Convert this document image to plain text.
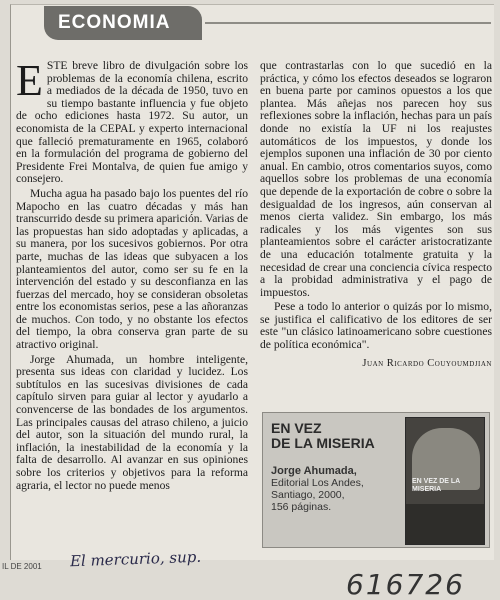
ECONOMIA

ESTE breve libro de divulgación sobre los problemas de la economía chilena, escrito a mediados de la década de 1950, tuvo en su tiempo bastante influencia y fue objeto de ocho ediciones hasta 1972. Su autor, un economista de la CEPAL y experto internacional que falleció prematuramente en 1965, colaboró en la formulación del programa de gobierno del Presidente Frei Montalva, de quien fue amigo y consejero.

Mucha agua ha pasado bajo los puentes del río Mapocho en las cuatro décadas y más han transcurrido desde su primera aparición. Varias de las propuestas han sido adoptadas y aplicadas, a su manera, por los sucesivos gobiernos. Por otra parte, muchas de las ideas que subyacen a los planteamientos del autor, como ser su fe en la intervención del estado y su desconfianza en las fuerzas del mercado, hoy se consideran obsoletas entre los economistas serios, pese a las añoranzas de muchos. Con todo, y no obstante los efectos del tiempo, la obra conserva gran parte de su atractivo original.

Jorge Ahumada, un hombre inteligente, presenta sus ideas con claridad y lucidez. Los subtítulos en las sucesivas divisiones de cada capítulo sirven para guiar al lector y ayudarlo a convencerse de las bondades de los argumentos. Las principales causas del atraso chileno, a juicio del autor, son la situación del mundo rural, la inflación, la inestabilidad de la economía y la falta de desarrollo. Al avanzar en sus opiniones sobre los criterios y objetivos para la reforma agraria, el lector no puede menos

que contrastarlas con lo que sucedió en la práctica, y cómo los efectos deseados se lograron en buena parte por caminos opuestos a los que plantea. Más añejas nos parecen hoy sus reflexiones sobre la inflación, hechas para un país donde no existía la UF ni los reajustes automáticos de los impuestos, y donde los ejemplos suponen una inflación de 30 por ciento anual. En cambio, otros comentarios suyos, como aquellos sobre los problemas de una economía que depende de la exportación de cobre o sobre la desigualdad de los ingresos, aún conservan al menos cierta validez. Sin embargo, los más radicales y los más vigentes son sus planteamientos sobre el carácter aristocratizante de una educación totalmente gratuita y la necesidad de crear una conciencia cívica respecto a la probidad administrativa y el pago de impuestos.

Pese a todo lo anterior o quizás por lo mismo, se justifica el calificativo de los editores de ser este "un clásico latinoamericano sobre cuestiones de política económica".

Juan Ricardo Couyoumdjian
EN VEZ
DE LA MISERIA
Jorge Ahumada,
Editorial Los Andes,
Santiago, 2000,
156 páginas.
EN VEZ DE LA MISERIA
IL DE 2001 El mercurio, sup.
616726
